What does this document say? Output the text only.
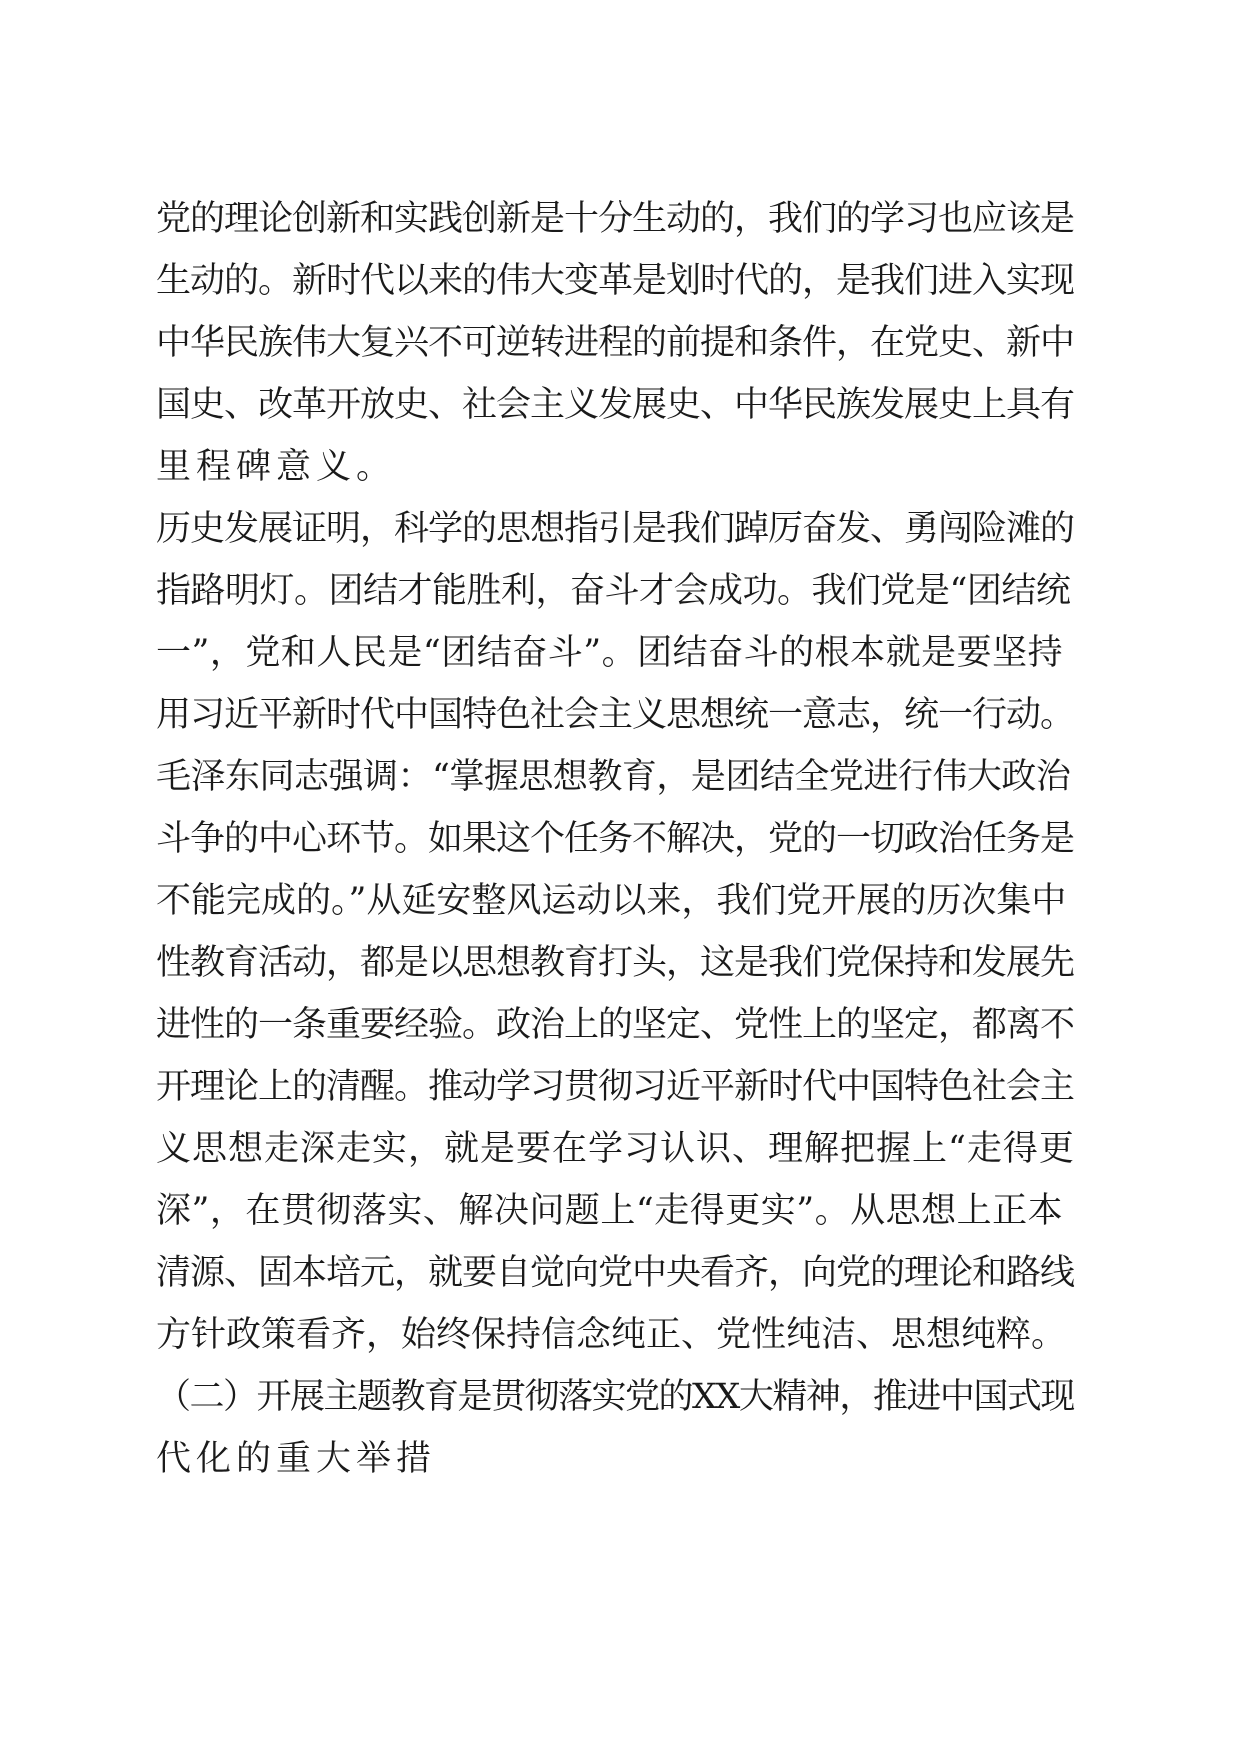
党的理论创新和实践创新是十分生动的，我们的学习也应该是
生动的。新时代以来的伟大变革是划时代的，是我们进入实现
中华民族伟大复兴不可逆转进程的前提和条件，在党史、新中
国史、改革开放史、社会主义发展史、中华民族发展史上具有
里程碑意义。

历史发展证明，科学的思想指引是我们踔厉奋发、勇闯险滩的
指路明灯。团结才能胜利，奋斗才会成功。我们党是“团结统
一”，党和人民是“团结奋斗”。团结奋斗的根本就是要坚持
用习近平新时代中国特色社会主义思想统一意志，统一行动。
毛泽东同志强调：“掌握思想教育，是团结全党进行伟大政治
斗争的中心环节。如果这个任务不解决，党的一切政治任务是
不能完成的。”从延安整风运动以来，我们党开展的历次集中
性教育活动，都是以思想教育打头，这是我们党保持和发展先
进性的一条重要经验。政治上的坚定、党性上的坚定，都离不
开理论上的清醒。推动学习贯彻习近平新时代中国特色社会主
义思想走深走实，就是要在学习认识、理解把握上“走得更
深”，在贯彻落实、解决问题上“走得更实”。从思想上正本
清源、固本培元，就要自觉向党中央看齐，向党的理论和路线
方针政策看齐，始终保持信念纯正、党性纯洁、思想纯粹。

（二）开展主题教育是贯彻落实党的XX大精神，推进中国式现
代化的重大举措
